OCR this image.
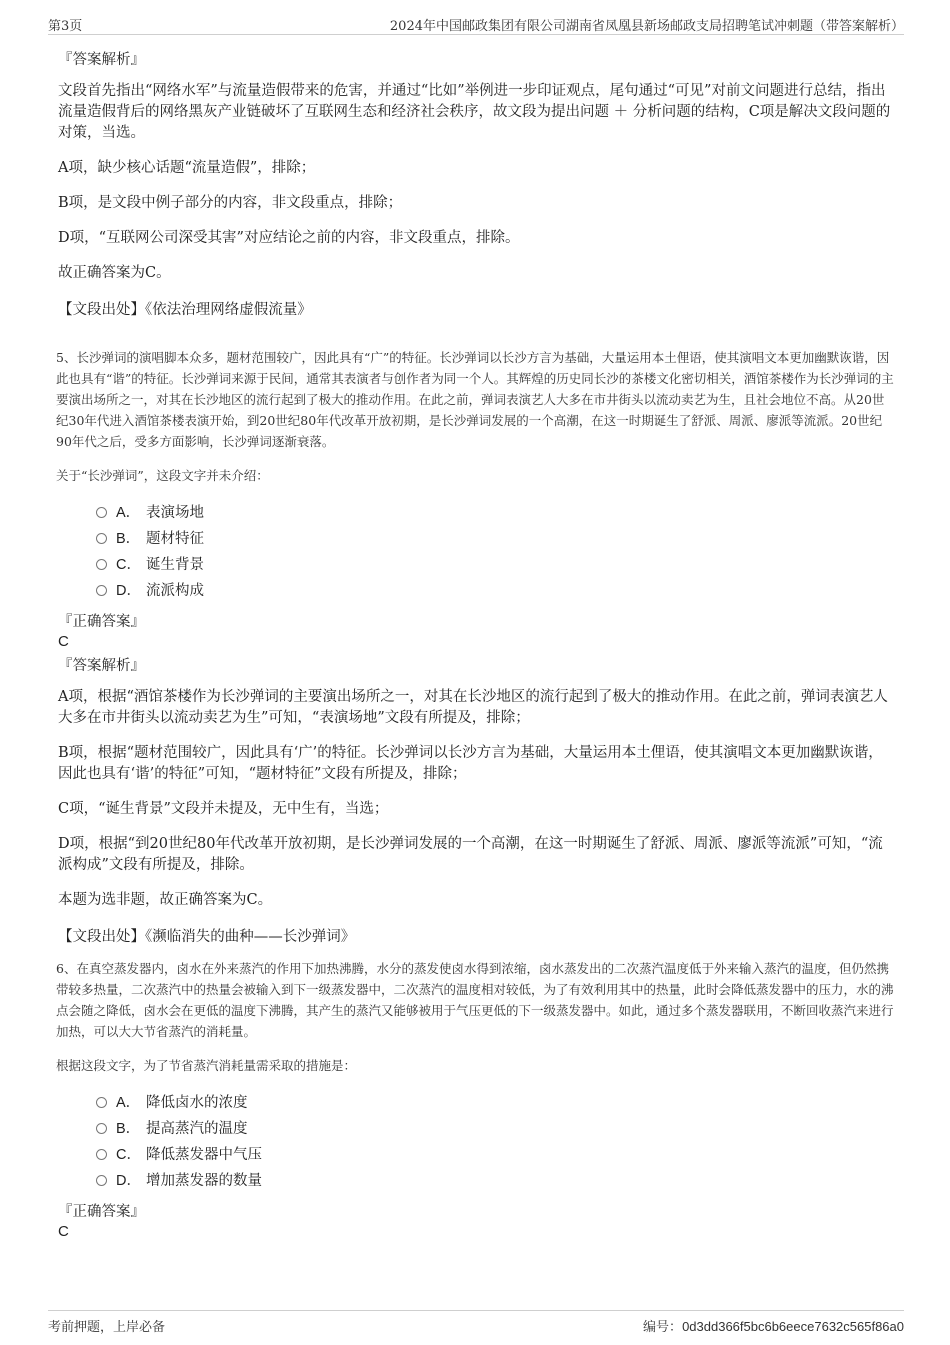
第3页	2024年中国邮政集团有限公司湖南省凤凰县新场邮政支局招聘笔试冲刺题（带答案解析）
『答案解析』
文段首先指出“网络水军”与流量造假带来的危害，并通过“比如”举例进一步印证观点，尾句通过“可见”对前文问题进行总结，指出流量造假背后的网络黑灰产业链破坏了互联网生态和经济社会秩序，故文段为提出问题 ＋ 分析问题的结构，C项是解决文段问题的对策，当选。
A项，缺少核心话题“流量造假”，排除；
B项，是文段中例子部分的内容，非文段重点，排除；
D项，“互联网公司深受其害”对应结论之前的内容，非文段重点，排除。
故正确答案为C。
【文段出处】《依法治理网络虚假流量》
5、长沙弹词的演唱脚本众多，题材范围较广，因此具有“广”的特征。长沙弹词以长沙方言为基础，大量运用本土俚语，使其演唱文本更加幽默诙谐，因此也具有“谐”的特征。长沙弹词来源于民间，通常其表演者与创作者为同一个人。其辉煌的历史同长沙的茶楼文化密切相关，酒馆茶楼作为长沙弹词的主要演出场所之一，对其在长沙地区的流行起到了极大的推动作用。在此之前，弹词表演艺人大多在市井街头以流动卖艺为生，且社会地位不高。从20世纪30年代进入酒馆茶楼表演开始，到20世纪80年代改革开放初期，是长沙弹词发展的一个高潮，在这一时期诞生了舒派、周派、廖派等流派。20世纪90年代之后，受多方面影响，长沙弹词逐渐衰落。
关于“长沙弹词”，这段文字并未介绍：
A． 表演场地
B． 题材特征
C． 诞生背景
D． 流派构成
『正确答案』
C
『答案解析』
A项，根据“酒馆茶楼作为长沙弹词的主要演出场所之一，对其在长沙地区的流行起到了极大的推动作用。在此之前，弹词表演艺人大多在市井街头以流动卖艺为生”可知，“表演场地”文段有所提及，排除；
B项，根据“题材范围较广，因此具有‘广’的特征。长沙弹词以长沙方言为基础，大量运用本土俚语，使其演唱文本更加幽默诙谐，因此也具有‘谐’的特征”可知，“题材特征”文段有所提及，排除；
C项，“诞生背景”文段并未提及，无中生有，当选；
D项，根据“到20世纪80年代改革开放初期，是长沙弹词发展的一个高潮，在这一时期诞生了舒派、周派、廖派等流派”可知，“流派构成”文段有所提及，排除。
本题为选非题，故正确答案为C。
【文段出处】《濒临消失的曲种——长沙弹词》
6、在真空蒸发器内，卤水在外来蒸汽的作用下加热沸腾，水分的蒸发使卤水得到浓缩，卤水蒸发出的二次蒸汽温度低于外来输入蒸汽的温度，但仍然携带较多热量，二次蒸汽中的热量会被输入到下一级蒸发器中，二次蒸汽的温度相对较低，为了有效利用其中的热量，此时会降低蒸发器中的压力，水的沸点会随之降低，卤水会在更低的温度下沸腾，其产生的蒸汽又能够被用于气压更低的下一级蒸发器中。如此，通过多个蒸发器联用，不断回收蒸汽来进行加热，可以大大节省蒸汽的消耗量。
根据这段文字，为了节省蒸汽消耗量需采取的措施是：
A． 降低卤水的浓度
B． 提高蒸汽的温度
C． 降低蒸发器中气压
D． 增加蒸发器的数量
『正确答案』
C
考前押题，上岸必备	编号：0d3dd366f5bc6b6eece7632c565f86a0
